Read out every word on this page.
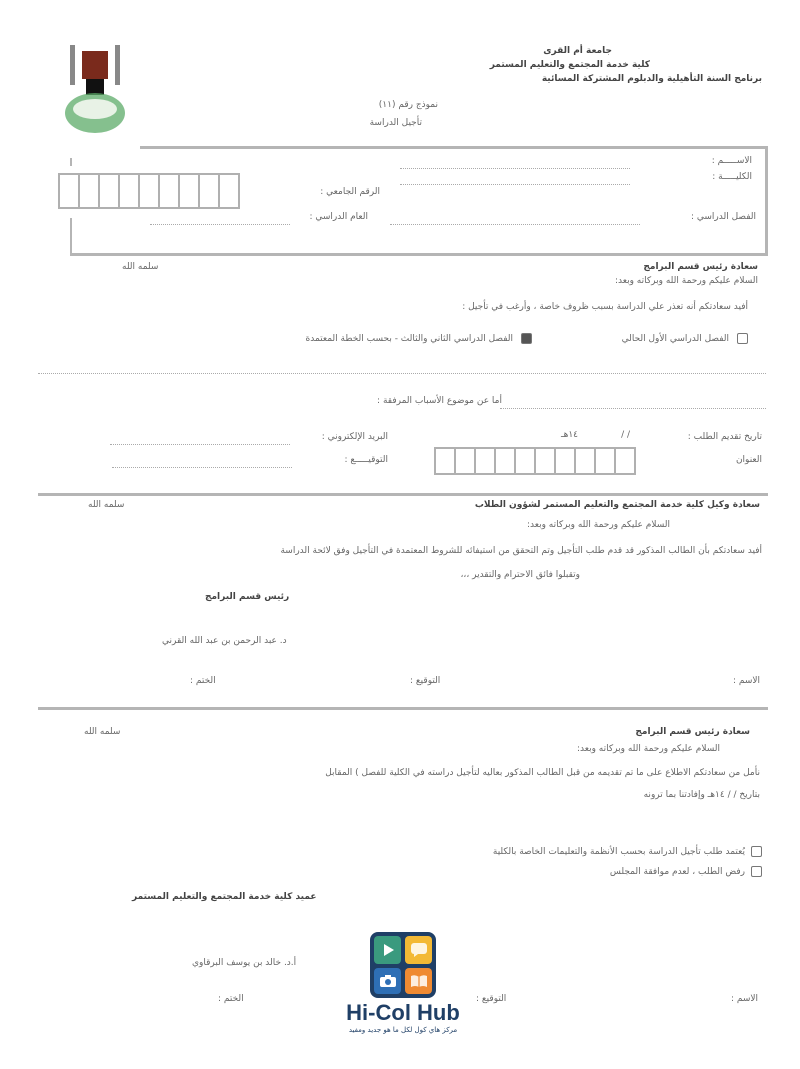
جامعة أم القرى
كلية خدمة المجتمع والتعليم المستمر
برنامج السنة التأهيلية والدبلوم المشتركة المسائية
نموذج رقم (١١)
تأجيل الدراسة
الاســـــم :
الكليـــــة :
الفصل الدراسي :
الرقم الجامعي :
العام الدراسي :
سعادة رئيس قسم البرامج
سلمه الله
السلام عليكم ورحمة الله وبركاته وبعد:
أفيد سعادتكم أنه تعذر علي الدراسة بسبب ظروف خاصة ، وأرغب في تأجيل :
الفصل الدراسي الأول الحالي
الفصل الدراسي الثاني والثالث - بحسب الخطة المعتمدة
أما عن موضوع الأسباب المرفقة :
تاريخ تقديم الطلب :
/ /
١٤هـ
العنوان
البريد الإلكتروني :
التوقيـــــع :
سعادة وكيل كلية خدمة المجتمع والتعليم المستمر لشؤون الطلاب
سلمه الله
السلام عليكم ورحمة الله وبركاته وبعد:
أفيد سعادتكم بأن الطالب المذكور قد قدم طلب التأجيل وتم التحقق من استيفائه للشروط المعتمدة في التأجيل وفق لائحة الدراسة
وتقبلوا فائق الاحترام والتقدير ،،،
رئيس قسم البرامج
د. عبد الرحمن بن عبد الله القرني
الاسم :
التوقيع :
الختم :
سعادة رئيس قسم البرامج
سلمه الله
السلام عليكم ورحمة الله وبركاته وبعد:
نأمل من سعادتكم الاطلاع على ما تم تقديمه من قبل الطالب المذكور بعاليه لتأجيل دراسته في الكلية للفصل ) المقابل
بتاريخ / / ١٤هـ وإفادتنا بما ترونه
يُعتمد طلب تأجيل الدراسة بحسب الأنظمة والتعليمات الخاصة بالكلية
رفض الطلب ، لعدم موافقة المجلس
عميد كلية خدمة المجتمع والتعليم المستمر
أ.د. خالد بن يوسف البرقاوي
الاسم :
التوقيع :
الختم :
Hi-Col Hub
مركز هاي كول لكل ما هو جديد ومفيد
